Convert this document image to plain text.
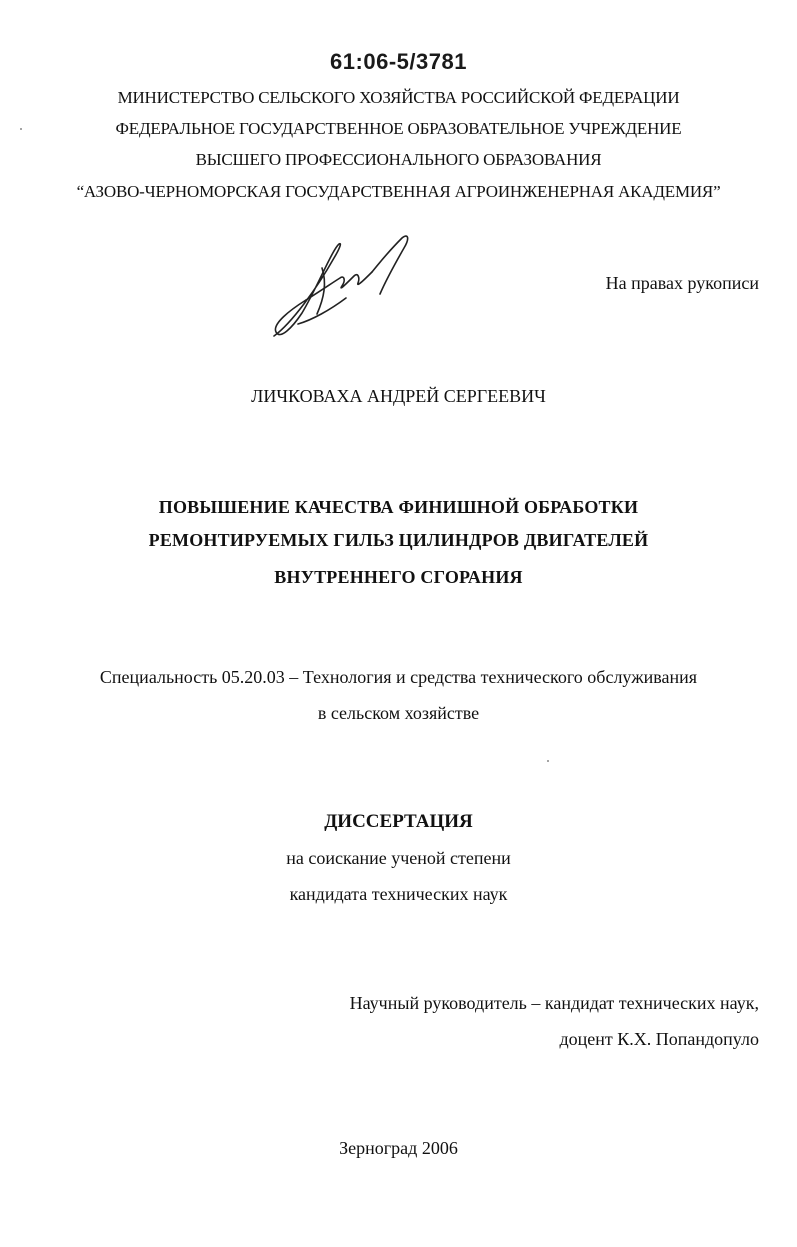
61:06-5/3781
МИНИСТЕРСТВО СЕЛЬСКОГО ХОЗЯЙСТВА РОССИЙСКОЙ ФЕДЕРАЦИИ
ФЕДЕРАЛЬНОЕ ГОСУДАРСТВЕННОЕ ОБРАЗОВАТЕЛЬНОЕ УЧРЕЖДЕНИЕ
ВЫСШЕГО ПРОФЕССИОНАЛЬНОГО ОБРАЗОВАНИЯ
“АЗОВО-ЧЕРНОМОРСКАЯ ГОСУДАРСТВЕННАЯ АГРОИНЖЕНЕРНАЯ АКАДЕМИЯ”
На правах рукописи
ЛИЧКОВАХА АНДРЕЙ СЕРГЕЕВИЧ
ПОВЫШЕНИЕ КАЧЕСТВА ФИНИШНОЙ ОБРАБОТКИ
РЕМОНТИРУЕМЫХ ГИЛЬЗ ЦИЛИНДРОВ ДВИГАТЕЛЕЙ
ВНУТРЕННЕГО СГОРАНИЯ
Специальность 05.20.03 – Технология и средства технического обслуживания
в сельском хозяйстве
ДИССЕРТАЦИЯ
на соискание ученой степени
кандидата технических наук
Научный руководитель – кандидат технических наук,
доцент К.Х. Попандопуло
Зерноград 2006
